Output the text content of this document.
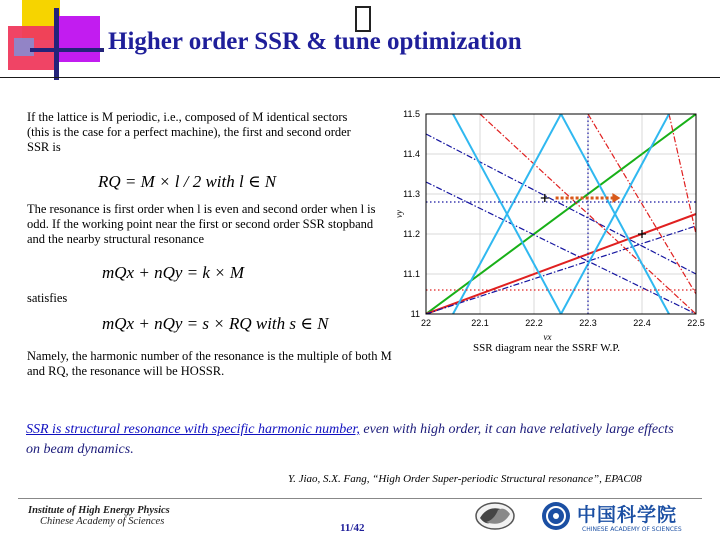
Higher order SSR & tune optimization
If the lattice is M periodic, i.e., composed of M identical sectors (this is the case for a perfect machine), the first and second order SSR is
RQ = M × l / 2 with l ∈ N
The resonance is first order when l is even and second order when l is odd. If the working point near the first or second order SSR stopband and the nearby structural resonance
mQx + nQy = k × M
satisfies
mQx + nQy = s × RQ with s ∈ N
Namely, the harmonic number of the resonance is the multiple of both M and RQ, the resonance will be HOSSR.
22	22.1	22.2	22.3	22.4	22.5
11
11.1
11.2
11.3
11.4
11.5
vx
vy
SSR diagram near the SSRF W.P.
SSR is structural resonance with specific harmonic number, even with high order, it can have relatively large effects on beam dynamics.
Y. Jiao, S.X. Fang, “High Order Super-periodic Structural resonance”, EPAC08
Institute of High Energy Physics
Chinese Academy of Sciences
11/42
中国科学院
CHINESE ACADEMY OF SCIENCES
